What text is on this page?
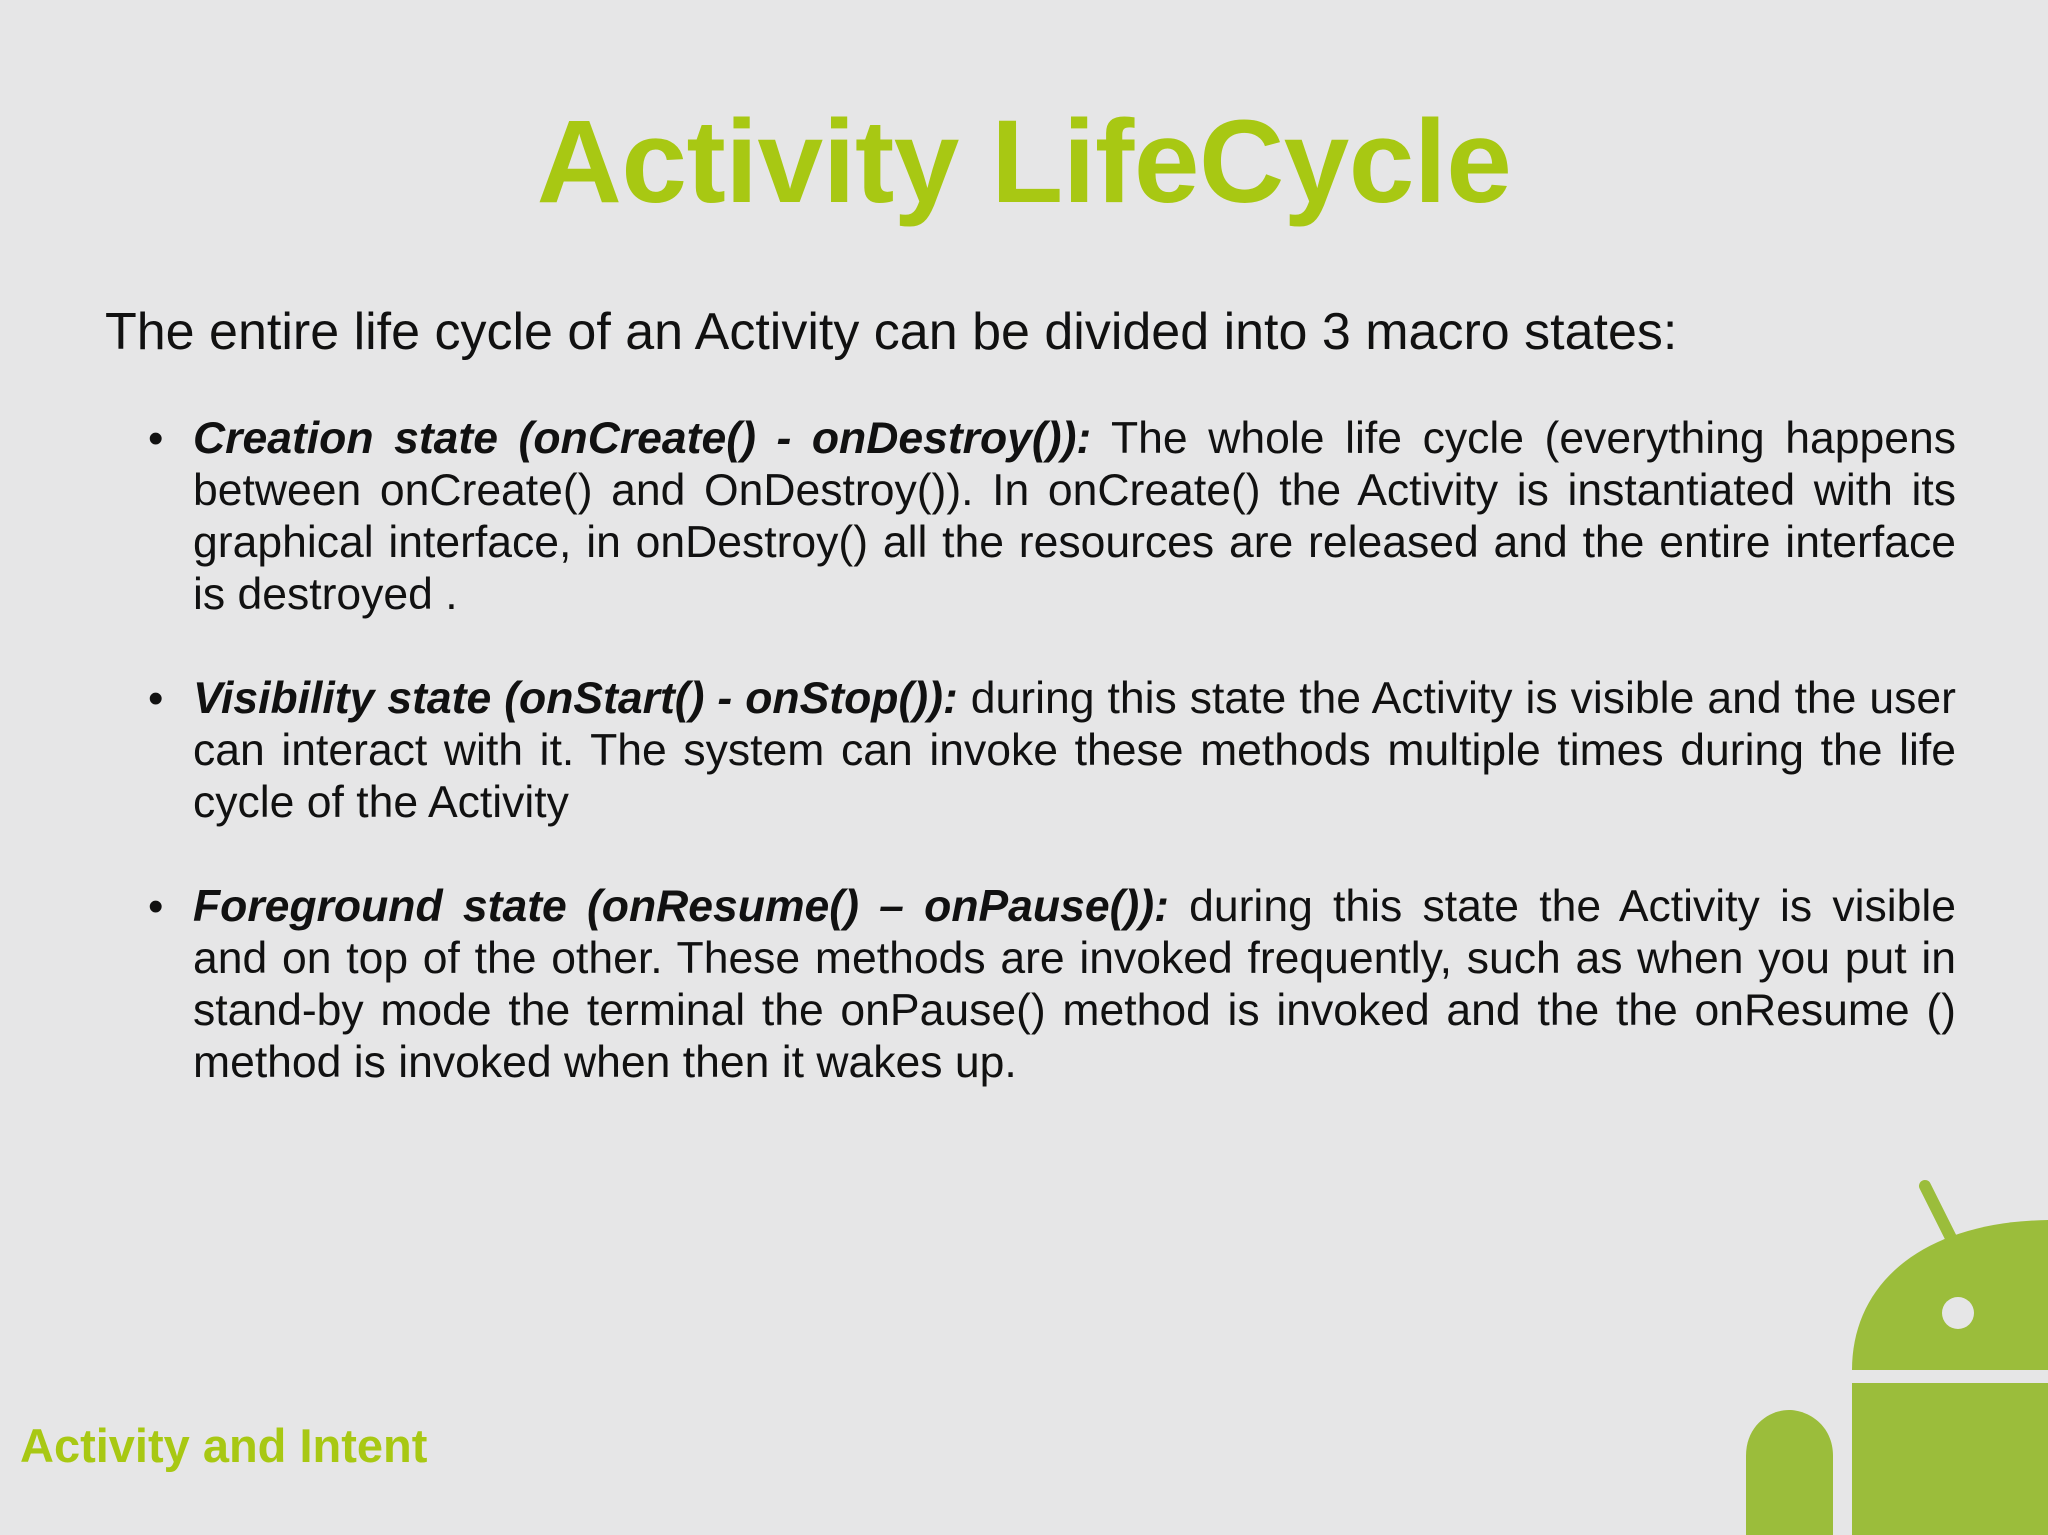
Activity LifeCycle

The entire life cycle of an Activity can be divided into 3 macro states:

• Creation state (onCreate() - onDestroy()): The whole life cycle (everything happens between onCreate() and OnDestroy()). In onCreate() the Activity is instantiated with its graphical interface, in onDestroy() all the resources are released and the entire interface is destroyed .
• Visibility state (onStart() - onStop()): during this state the Activity is visible and the user can interact with it. The system can invoke these methods multiple times during the life cycle of the Activity
• Foreground state (onResume() – onPause()): during this state the Activity is visible and on top of the other. These methods are invoked frequently, such as when you put in stand-by mode the terminal the onPause() method is invoked and the the onResume () method is invoked when then it wakes up.

Activity and Intent
